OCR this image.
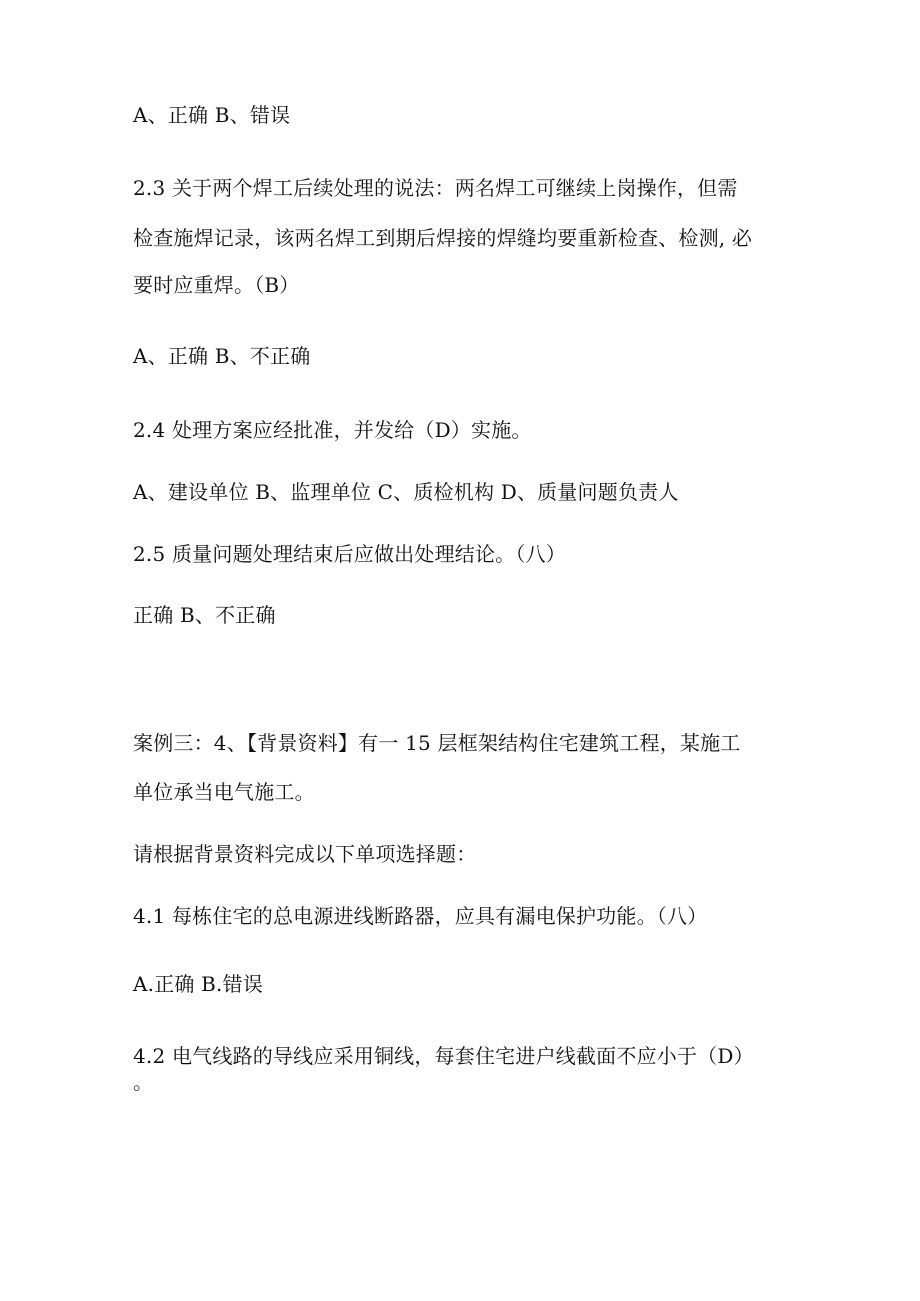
A、正确 B、错误
2.3 关于两个焊工后续处理的说法：两名焊工可继续上岗操作，但需
检查施焊记录，该两名焊工到期后焊接的焊缝均要重新检查、检测, 必
要时应重焊。（B）
A、正确 B、不正确
2.4 处理方案应经批准，并发给（D）实施。
A、建设单位 B、监理单位 C、质检机构 D、质量问题负责人
2.5 质量问题处理结束后应做出处理结论。（八）
正确 B、不正确
案例三：4、【背景资料】有一 15 层框架结构住宅建筑工程，某施工
单位承当电气施工。
请根据背景资料完成以下单项选择题：
4.1 每栋住宅的总电源进线断路器，应具有漏电保护功能。（八）
A.正确 B.错误
4.2 电气线路的导线应采用铜线，每套住宅进户线截面不应小于（D）
。
